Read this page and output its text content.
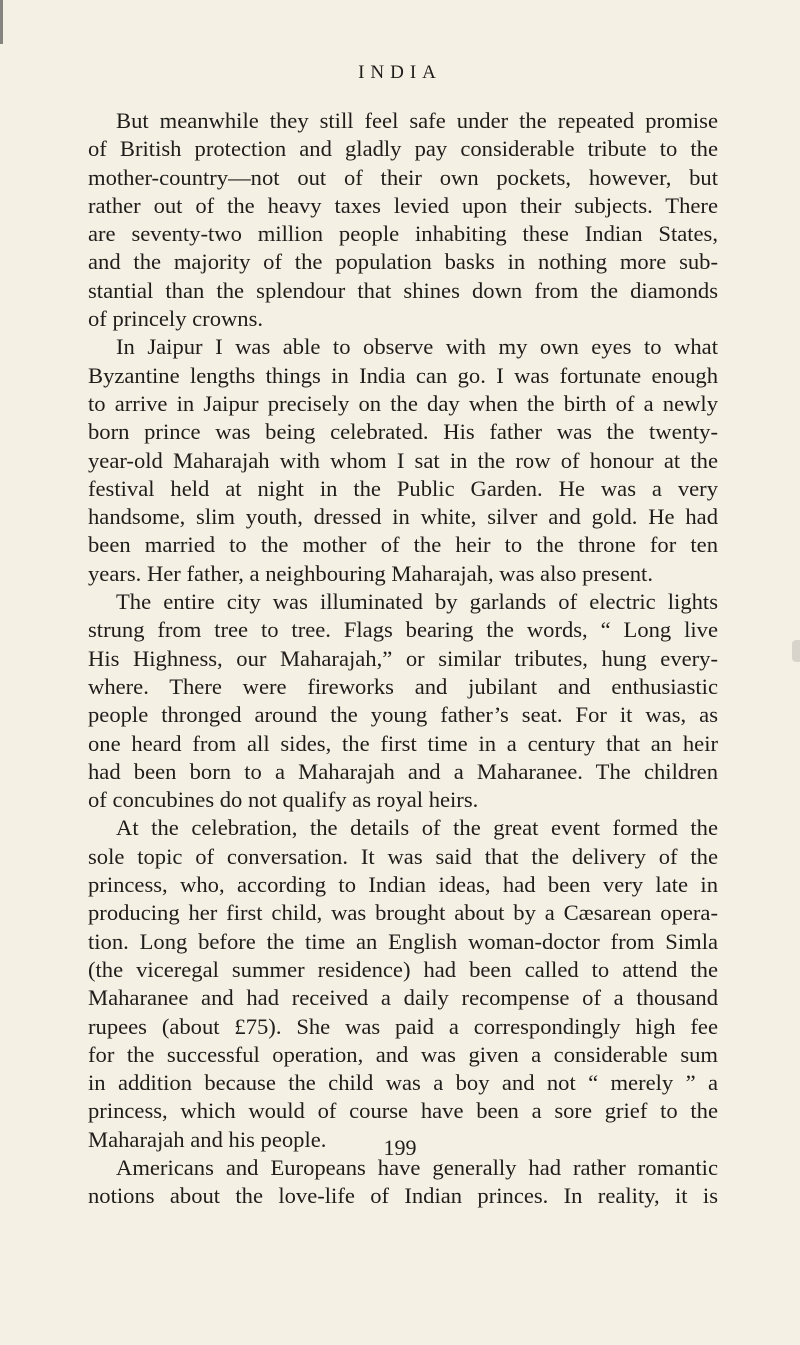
INDIA

But meanwhile they still feel safe under the repeated promise
of British protection and gladly pay considerable tribute to the
mother-country—not out of their own pockets, however, but
rather out of the heavy taxes levied upon their subjects. There
are seventy-two million people inhabiting these Indian States,
and the majority of the population basks in nothing more sub-
stantial than the splendour that shines down from the diamonds
of princely crowns.

In Jaipur I was able to observe with my own eyes to what
Byzantine lengths things in India can go. I was fortunate enough
to arrive in Jaipur precisely on the day when the birth of a newly
born prince was being celebrated. His father was the twenty-
year-old Maharajah with whom I sat in the row of honour at the
festival held at night in the Public Garden. He was a very
handsome, slim youth, dressed in white, silver and gold. He had
been married to the mother of the heir to the throne for ten
years. Her father, a neighbouring Maharajah, was also present.

The entire city was illuminated by garlands of electric lights
strung from tree to tree. Flags bearing the words, “ Long live
His Highness, our Maharajah,” or similar tributes, hung every-
where. There were fireworks and jubilant and enthusiastic
people thronged around the young father’s seat. For it was, as
one heard from all sides, the first time in a century that an heir
had been born to a Maharajah and a Maharanee. The children
of concubines do not qualify as royal heirs.

At the celebration, the details of the great event formed the
sole topic of conversation. It was said that the delivery of the
princess, who, according to Indian ideas, had been very late in
producing her first child, was brought about by a Cæsarean opera-
tion. Long before the time an English woman-doctor from Simla
(the viceregal summer residence) had been called to attend the
Maharanee and had received a daily recompense of a thousand
rupees (about £75). She was paid a correspondingly high fee
for the successful operation, and was given a considerable sum
in addition because the child was a boy and not “ merely ” a
princess, which would of course have been a sore grief to the
Maharajah and his people.

Americans and Europeans have generally had rather romantic
notions about the love-life of Indian princes. In reality, it is

199
